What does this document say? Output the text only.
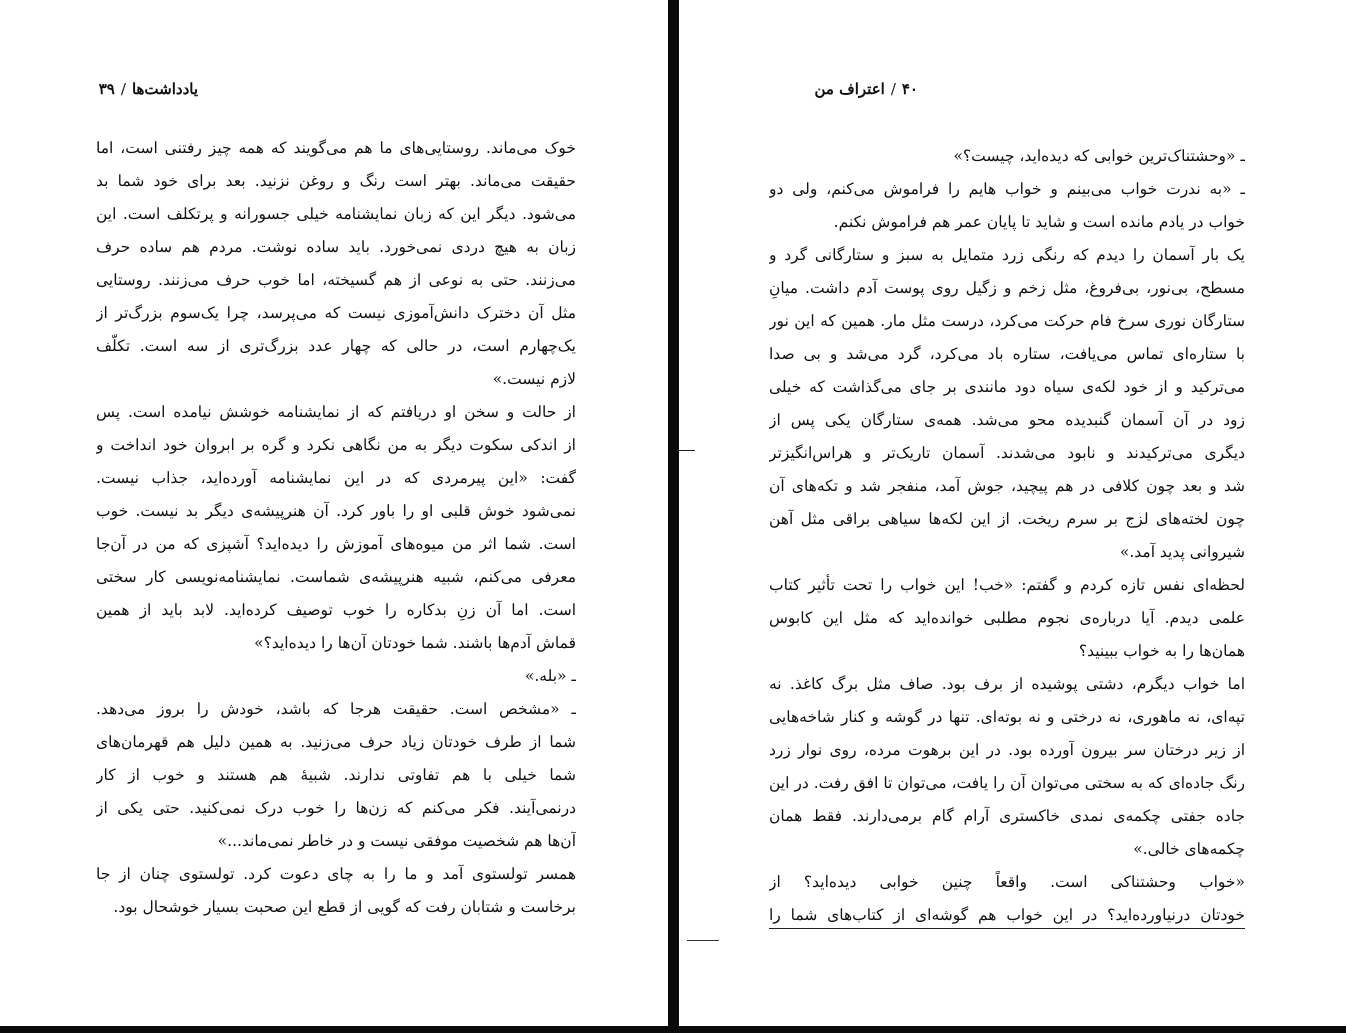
یادداشت‌ها/۳۹
خوک می‌ماند. روستایی‌های ما هم می‌گویند که همه چیز رفتنی است، اما
حقیقت می‌ماند. بهتر است رنگ و روغن نزنید. بعد برای خود شما بد
می‌شود. دیگر این که زبان نمایشنامه خیلی جسورانه و پرتکلف است. این
زبان به هیچ دردی نمی‌خورد. باید ساده نوشت. مردم هم ساده حرف
می‌زنند. حتی به نوعی از هم گسیخته، اما خوب حرف می‌زنند. روستایی
مثل آن دخترک دانش‌آموزی نیست که می‌پرسد، چرا یک‌سوم بزرگ‌تر از
یک‌چهارم است، در حالی که چهار عدد بزرگ‌تری از سه است. تکلّف
لازم نیست.»
از حالت و سخن او دریافتم که از نمایشنامه خوشش نیامده است. پس
از اندکی سکوت دیگر به من نگاهی نکرد و گره بر ابروان خود انداخت و
گفت: «این پیرمردی که در این نمایشنامه آورده‌اید، جذاب نیست.
نمی‌شود خوش قلبی او را باور کرد. آن هنرپیشه‌ی دیگر بد نیست. خوب
است. شما اثر من میوه‌های آموزش را دیده‌اید؟ آشپزی که من در آن‌جا
معرفی می‌کنم، شبیه هنرپیشه‌ی شماست. نمایشنامه‌نویسی کار سختی
است. اما آن زنِ بدکاره را خوب توصیف کرده‌اید. لابد باید از همین
قماش آدم‌ها باشند. شما خودتان آن‌ها را دیده‌اید؟»
ـ «بله.»
ـ «مشخص است. حقیقت هرجا که باشد، خودش را بروز می‌دهد.
شما از طرف خودتان زیاد حرف می‌زنید. به همین دلیل هم قهرمان‌های
شما خیلی با هم تفاوتی ندارند. شبیهٔ هم هستند و خوب از کار
درنمی‌آیند. فکر می‌کنم که زن‌ها را خوب درک نمی‌کنید. حتی یکی از
آن‌ها هم شخصیت موفقی نیست و در خاطر نمی‌ماند...»
همسر تولستوی آمد و ما را به چای دعوت کرد. تولستوی چنان از جا
برخاست و شتابان رفت که گویی از قطع این صحبت بسیار خوشحال بود.
۴۰/اعتراف من
ـ «وحشتناک‌ترین خوابی که دیده‌اید، چیست؟»
ـ «به ندرت خواب می‌بینم و خواب هایم را فراموش می‌کنم، ولی دو
خواب در یادم مانده است و شاید تا پایان عمر هم فراموش نکنم.
یک بار آسمان را دیدم که رنگی زرد متمایل به سبز و ستارگانی گرد و
مسطح، بی‌نور، بی‌فروغ، مثل زخم و زگیل روی پوست آدم داشت. میانِ
ستارگان نوری سرخ فام حرکت می‌کرد، درست مثل مار. همین که این نور
با ستاره‌ای تماس می‌یافت، ستاره باد می‌کرد، گرد می‌شد و بی صدا
می‌ترکید و از خود لکه‌ی سیاه دود مانندی بر جای می‌گذاشت که خیلی
زود در آن آسمان گنبدیده محو می‌شد. همه‌ی ستارگان یکی پس از
دیگری می‌ترکیدند و نابود می‌شدند. آسمان تاریک‌تر و هراس‌انگیزتر
شد و بعد چون کلافی در هم پیچید، جوش آمد، منفجر شد و تکه‌های آن
چون لخته‌های لزج بر سرم ریخت. از این لکه‌ها سیاهی براقی مثل آهن
شیروانی پدید آمد.»
لحظه‌ای نفس تازه کردم و گفتم: «خب! این خواب را تحت تأثیر کتاب
علمی دیدم. آیا درباره‌ی نجوم مطلبی خوانده‌اید که مثل این کابوس
همان‌ها را به خواب ببینید؟
اما خواب دیگرم، دشتی پوشیده از برف بود. صاف مثل برگ کاغذ. نه
تپه‌ای، نه ماهوری، نه درختی و نه بوته‌ای. تنها در گوشه و کنار شاخه‌هایی
از زیر درختان سر بیرون آورده بود. در این برهوت مرده، روی نوار زرد
رنگ جاده‌ای که به سختی می‌توان آن را یافت، می‌توان تا افق رفت. در این
جاده جفتی چکمه‌ی نمدی خاکستری آرام گام برمی‌دارند. فقط همان
چکمه‌های خالی.»
«خواب وحشتناکی است. واقعاً چنین خوابی دیده‌اید؟ از
خودتان درنیاورده‌اید؟ در این خواب هم گوشه‌ای از کتاب‌های شما را
